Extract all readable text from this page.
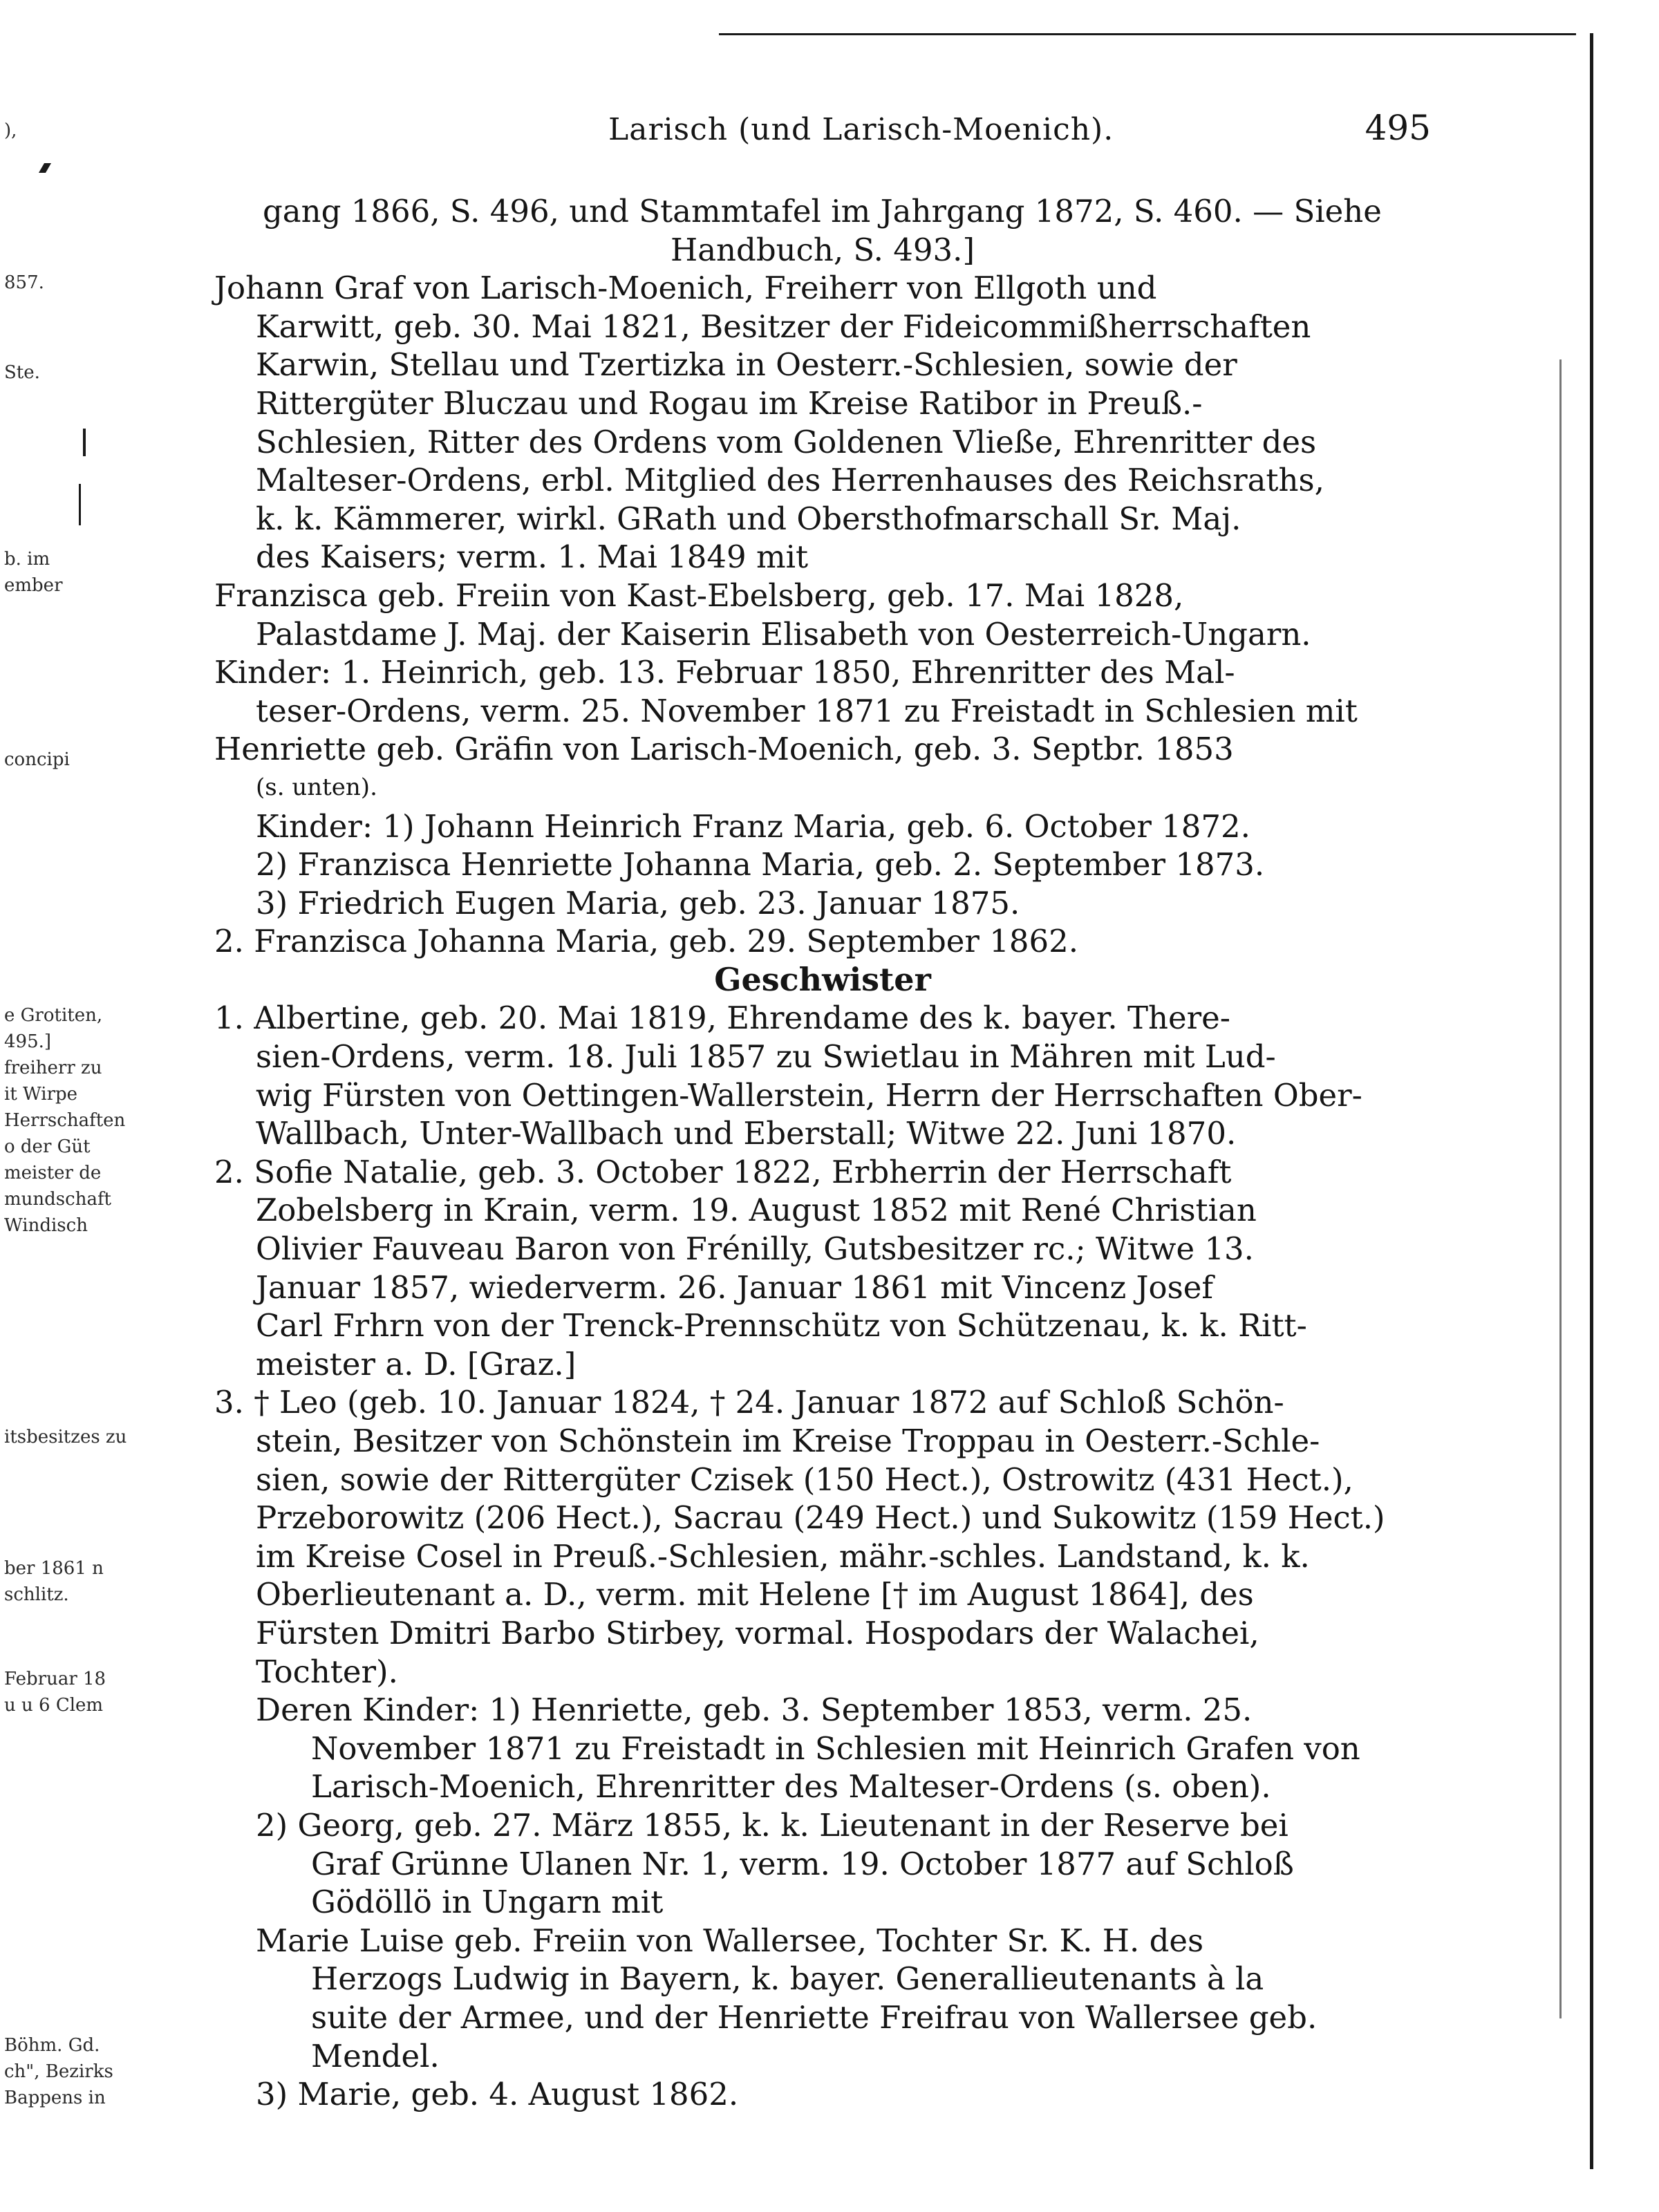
),
857.
Ste.
b. im
ember
concipi
e Grotiten,
495.]
freiherr zu
it Wirpe
Herrschaften
o der Güt
meister de
mundschaft
Windisch
itsbesitzes zu
ber 1861 n
schlitz.
Februar 18
u u 6 Clem
Böhm. Gd.
ch", Bezirks
Bappens in
Larisch (und Larisch-Moenich).	495
gang 1866, S. 496, und Stammtafel im Jahrgang 1872, S. 460. — Siehe
Handbuch, S. 493.]
Johann Graf von Larisch-Moenich, Freiherr von Ellgoth und
Karwitt, geb. 30. Mai 1821, Besitzer der Fideicommißherrschaften
Karwin, Stellau und Tzertizka in Oesterr.-Schlesien, sowie der
Rittergüter Bluczau und Rogau im Kreise Ratibor in Preuß.-
Schlesien, Ritter des Ordens vom Goldenen Vließe, Ehrenritter des
Malteser-Ordens, erbl. Mitglied des Herrenhauses des Reichsraths,
k. k. Kämmerer, wirkl. GRath und Obersthofmarschall Sr. Maj.
des Kaisers; verm. 1. Mai 1849 mit
Franzisca geb. Freiin von Kast-Ebelsberg, geb. 17. Mai 1828,
Palastdame J. Maj. der Kaiserin Elisabeth von Oesterreich-Ungarn.
Kinder: 1. Heinrich, geb. 13. Februar 1850, Ehrenritter des Mal-
teser-Ordens, verm. 25. November 1871 zu Freistadt in Schlesien mit
Henriette geb. Gräfin von Larisch-Moenich, geb. 3. Septbr. 1853
(s. unten).
Kinder: 1) Johann Heinrich Franz Maria, geb. 6. October 1872.
2) Franzisca Henriette Johanna Maria, geb. 2. September 1873.
3) Friedrich Eugen Maria, geb. 23. Januar 1875.
2. Franzisca Johanna Maria, geb. 29. September 1862.
Geschwister
1. Albertine, geb. 20. Mai 1819, Ehrendame des k. bayer. There-
sien-Ordens, verm. 18. Juli 1857 zu Swietlau in Mähren mit Lud-
wig Fürsten von Oettingen-Wallerstein, Herrn der Herrschaften Ober-
Wallbach, Unter-Wallbach und Eberstall; Witwe 22. Juni 1870.
2. Sofie Natalie, geb. 3. October 1822, Erbherrin der Herrschaft
Zobelsberg in Krain, verm. 19. August 1852 mit René Christian
Olivier Fauveau Baron von Frénilly, Gutsbesitzer rc.; Witwe 13.
Januar 1857, wiederverm. 26. Januar 1861 mit Vincenz Josef
Carl Frhrn von der Trenck-Prennschütz von Schützenau, k. k. Ritt-
meister a. D. [Graz.]
3. † Leo (geb. 10. Januar 1824, † 24. Januar 1872 auf Schloß Schön-
stein, Besitzer von Schönstein im Kreise Troppau in Oesterr.-Schle-
sien, sowie der Rittergüter Czisek (150 Hect.), Ostrowitz (431 Hect.),
Przeborowitz (206 Hect.), Sacrau (249 Hect.) und Sukowitz (159 Hect.)
im Kreise Cosel in Preuß.-Schlesien, mähr.-schles. Landstand, k. k.
Oberlieutenant a. D., verm. mit Helene [† im August 1864], des
Fürsten Dmitri Barbo Stirbey, vormal. Hospodars der Walachei,
Tochter).
Deren Kinder: 1) Henriette, geb. 3. September 1853, verm. 25.
November 1871 zu Freistadt in Schlesien mit Heinrich Grafen von
Larisch-Moenich, Ehrenritter des Malteser-Ordens (s. oben).
2) Georg, geb. 27. März 1855, k. k. Lieutenant in der Reserve bei
Graf Grünne Ulanen Nr. 1, verm. 19. October 1877 auf Schloß
Gödöllö in Ungarn mit
Marie Luise geb. Freiin von Wallersee, Tochter Sr. K. H. des
Herzogs Ludwig in Bayern, k. bayer. Generallieutenants à la
suite der Armee, und der Henriette Freifrau von Wallersee geb.
Mendel.
3) Marie, geb. 4. August 1862.
